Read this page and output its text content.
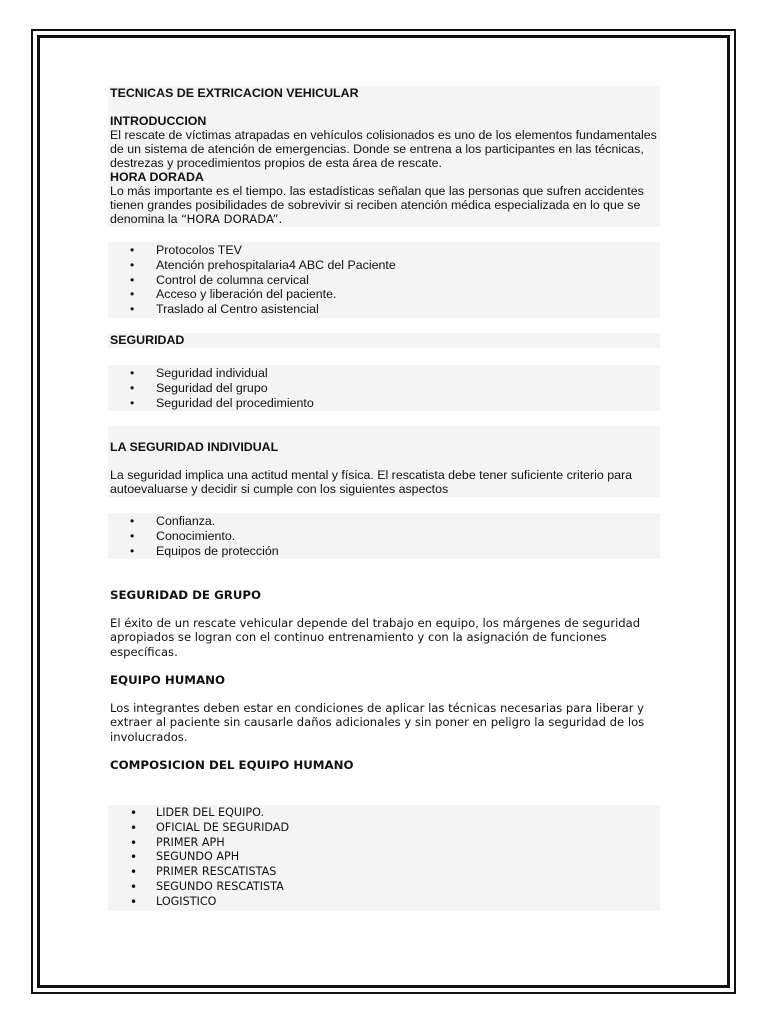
TECNICAS DE EXTRICACION VEHICULAR

INTRODUCCION

El rescate de víctimas atrapadas en vehículos colisionados es uno de los elementos fundamentales de un sistema de atención de emergencias. Donde se entrena a los participantes en las técnicas, destrezas y procedimientos propios de esta área de rescate.

HORA DORADA

Lo más importante es el tiempo. las estadísticas señalan que las personas que sufren accidentes tienen grandes posibilidades de sobrevivir si reciben atención médica especializada en lo que se denomina la “HORA DORADA”.

• Protocolos TEV
• Atención prehospitalaria4 ABC del Paciente
• Control de columna cervical
• Acceso y liberación del paciente.
• Traslado al Centro asistencial

SEGURIDAD

• Seguridad individual
• Seguridad del grupo
• Seguridad del procedimiento

LA SEGURIDAD INDIVIDUAL

La seguridad implica una actitud mental y física. El rescatista debe tener suficiente criterio para autoevaluarse y decidir si cumple con los siguientes aspectos

• Confianza.
• Conocimiento.
• Equipos de protección

SEGURIDAD DE GRUPO

El éxito de un rescate vehicular depende del trabajo en equipo, los márgenes de seguridad apropiados se logran con el continuo entrenamiento y con la asignación de funciones específicas.

EQUIPO HUMANO

Los integrantes deben estar en condiciones de aplicar las técnicas necesarias para liberar y extraer al paciente sin causarle daños adicionales y sin poner en peligro la seguridad de los involucrados.

COMPOSICION DEL EQUIPO HUMANO

• LIDER DEL EQUIPO.
• OFICIAL DE SEGURIDAD
• PRIMER APH
• SEGUNDO APH
• PRIMER RESCATISTAS
• SEGUNDO RESCATISTA
• LOGISTICO
